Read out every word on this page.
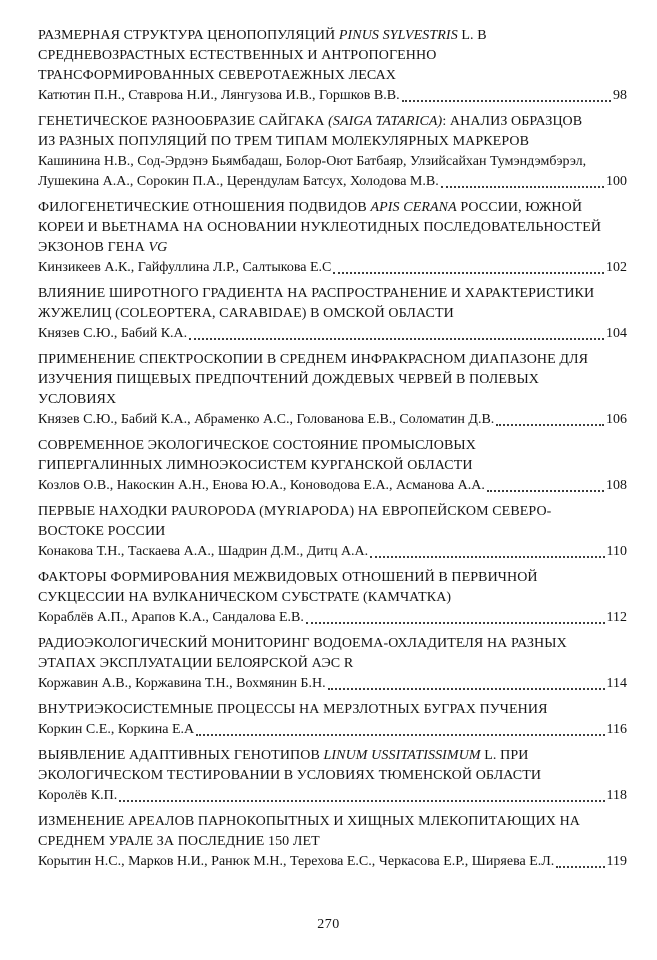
РАЗМЕРНАЯ СТРУКТУРА ЦЕНОПОПУЛЯЦИЙ PINUS SYLVESTRIS L. В
СРЕДНЕВОЗРАСТНЫХ ЕСТЕСТВЕННЫХ И АНТРОПОГЕННО
ТРАНСФОРМИРОВАННЫХ СЕВЕРОТАЕЖНЫХ ЛЕСАХ
Катютин П.Н., Ставрова Н.И., Лянгузова И.В., Горшков В.В.	98
ГЕНЕТИЧЕСКОЕ РАЗНООБРАЗИЕ САЙГАКА (SAIGA TATARICA): АНАЛИЗ ОБРАЗЦОВ
ИЗ РАЗНЫХ ПОПУЛЯЦИЙ ПО ТРЕМ ТИПАМ МОЛЕКУЛЯРНЫХ МАРКЕРОВ
Кашинина Н.В., Сод-Эрдэнэ Бьямбадаш, Болор-Оют Батбаяр, Улзийсайхан Тумэндэмбэрэл,
Лушекина А.А., Сорокин П.А., Церендулам Батсух, Холодова М.В.	100
ФИЛОГЕНЕТИЧЕСКИЕ ОТНОШЕНИЯ ПОДВИДОВ APIS CERANA РОССИИ, ЮЖНОЙ
КОРЕИ И ВЬЕТНАМА НА ОСНОВАНИИ НУКЛЕОТИДНЫХ ПОСЛЕДОВАТЕЛЬНОСТЕЙ
ЭКЗОНОВ ГЕНА VG
Кинзикеев А.К., Гайфуллина Л.Р., Салтыкова Е.С	102
ВЛИЯНИЕ ШИРОТНОГО ГРАДИЕНТА НА РАСПРОСТРАНЕНИЕ И ХАРАКТЕРИСТИКИ
ЖУЖЕЛИЦ (COLEOPTERA, CARABIDAE) В ОМСКОЙ ОБЛАСТИ
Князев С.Ю., Бабий К.А.	104
ПРИМЕНЕНИЕ СПЕКТРОСКОПИИ В СРЕДНЕМ ИНФРАКРАСНОМ ДИАПАЗОНЕ ДЛЯ
ИЗУЧЕНИЯ ПИЩЕВЫХ ПРЕДПОЧТЕНИЙ ДОЖДЕВЫХ ЧЕРВЕЙ В ПОЛЕВЫХ
УСЛОВИЯХ
Князев С.Ю., Бабий К.А., Абраменко А.С., Голованова Е.В., Соломатин Д.В.	106
СОВРЕМЕННОЕ ЭКОЛОГИЧЕСКОЕ СОСТОЯНИЕ ПРОМЫСЛОВЫХ
ГИПЕРГАЛИННЫХ ЛИМНОЭКОСИСТЕМ КУРГАНСКОЙ ОБЛАСТИ
Козлов О.В., Накоскин А.Н., Енова Ю.А., Коноводова Е.А., Асманова А.А.	108
ПЕРВЫЕ НАХОДКИ PAUROPODA (MYRIAPODA) НА ЕВРОПЕЙСКОМ СЕВЕРО-
ВОСТОКЕ РОССИИ
Конакова Т.Н., Таскаева А.А., Шадрин Д.М., Дитц А.А.	110
ФАКТОРЫ ФОРМИРОВАНИЯ МЕЖВИДОВЫХ ОТНОШЕНИЙ В ПЕРВИЧНОЙ
СУКЦЕССИИ НА ВУЛКАНИЧЕСКОМ СУБСТРАТЕ (КАМЧАТКА)
Кораблёв А.П., Арапов К.А., Сандалова Е.В.	112
РАДИОЭКОЛОГИЧЕСКИЙ МОНИТОРИНГ ВОДОЕМА-ОХЛАДИТЕЛЯ НА РАЗНЫХ
ЭТАПАХ ЭКСПЛУАТАЦИИ БЕЛОЯРСКОЙ АЭС R
Коржавин А.В., Коржавина Т.Н., Вохмянин Б.Н.	114
ВНУТРИЭКОСИСТЕМНЫЕ ПРОЦЕССЫ НА МЕРЗЛОТНЫХ БУГРАХ ПУЧЕНИЯ
Коркин С.Е., Коркина Е.А	116
ВЫЯВЛЕНИЕ АДАПТИВНЫХ ГЕНОТИПОВ LINUM USSITATISSIMUM L. ПРИ
ЭКОЛОГИЧЕСКОМ ТЕСТИРОВАНИИ В УСЛОВИЯХ ТЮМЕНСКОЙ ОБЛАСТИ
Королёв К.П.	118
ИЗМЕНЕНИЕ АРЕАЛОВ ПАРНОКОПЫТНЫХ И ХИЩНЫХ МЛЕКОПИТАЮЩИХ НА
СРЕДНЕМ УРАЛЕ ЗА ПОСЛЕДНИЕ 150 ЛЕТ
Корытин Н.С., Марков Н.И., Ранюк М.Н., Терехова Е.С., Черкасова Е.Р., Ширяева Е.Л.	119
270
